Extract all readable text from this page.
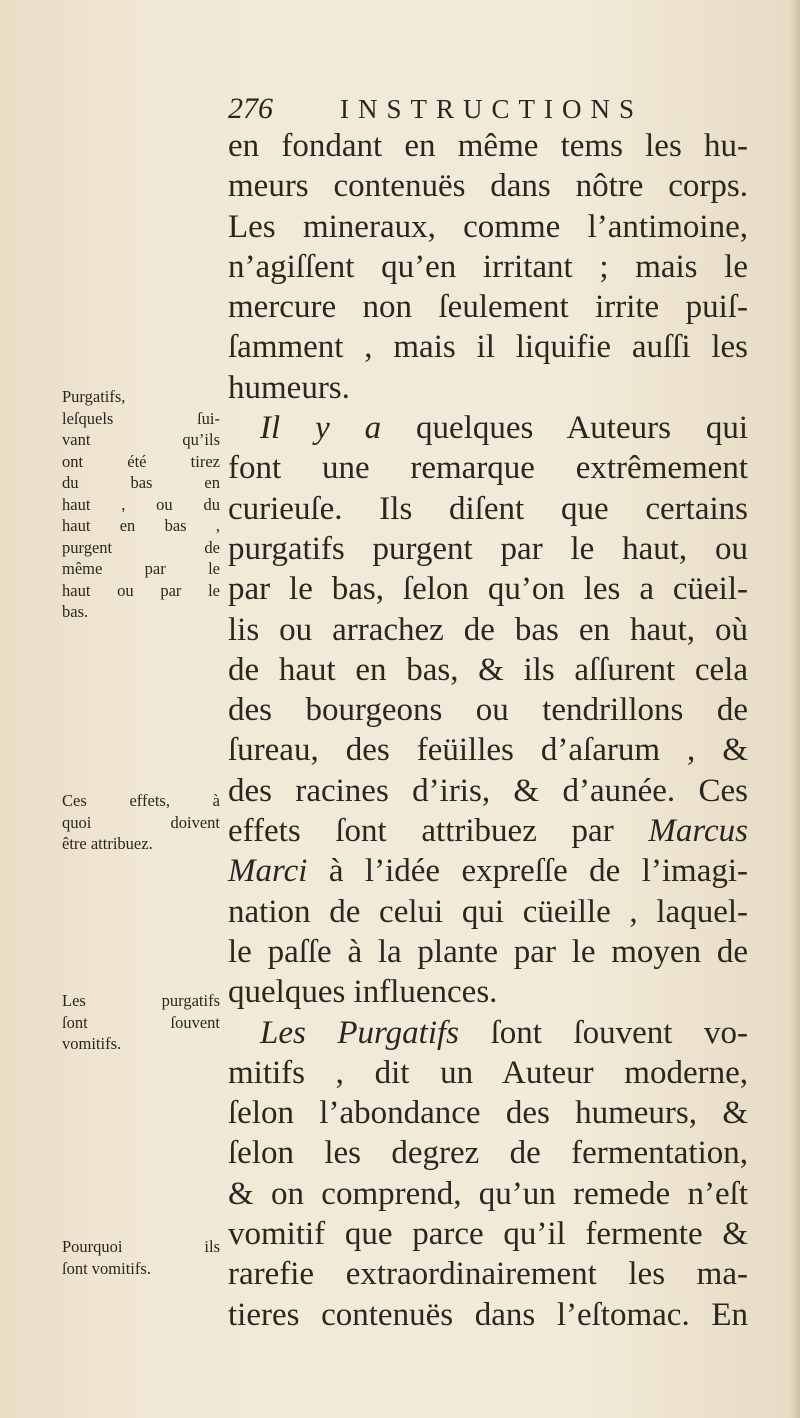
276 INSTRUCTIONS
en fondant en même tems les hu-
meurs contenuës dans nôtre corps.
Les mineraux, comme l’antimoine,
n’agiſſent qu’en irritant ; mais le
mercure non ſeulement irrite puiſ-
ſamment , mais il liquifie auſſi les
humeurs.
Il y a quelques Auteurs qui
font une remarque extrêmement
curieuſe. Ils diſent que certains
purgatifs purgent par le haut, ou
par le bas, ſelon qu’on les a cüeil-
lis ou arrachez de bas en haut, où
de haut en bas, & ils aſſurent cela
des bourgeons ou tendrillons de
ſureau, des feüilles d’aſarum , &
des racines d’iris, & d’aunée. Ces
effets ſont attribuez par Marcus
Marci à l’idée expreſſe de l’imagi-
nation de celui qui cüeille , laquel-
le paſſe à la plante par le moyen de
quelques influences.
Les Purgatifs ſont ſouvent vo-
mitifs , dit un Auteur moderne,
ſelon l’abondance des humeurs, &
ſelon les degrez de fermentation,
& on comprend, qu’un remede n’eſt
vomitif que parce qu’il fermente &
rarefie extraordinairement les ma-
tieres contenuës dans l’eſtomac. En
Purgatifs,
leſquels ſui-
vant qu’ils
ont été tirez
du bas en
haut , ou du
haut en bas ,
purgent de
même par le
haut ou par le
bas.
Ces effets, à
quoi doivent
être attribuez.
Les purgatifs
ſont ſouvent
vomitifs.
Pourquoi ils
ſont vomitifs.
